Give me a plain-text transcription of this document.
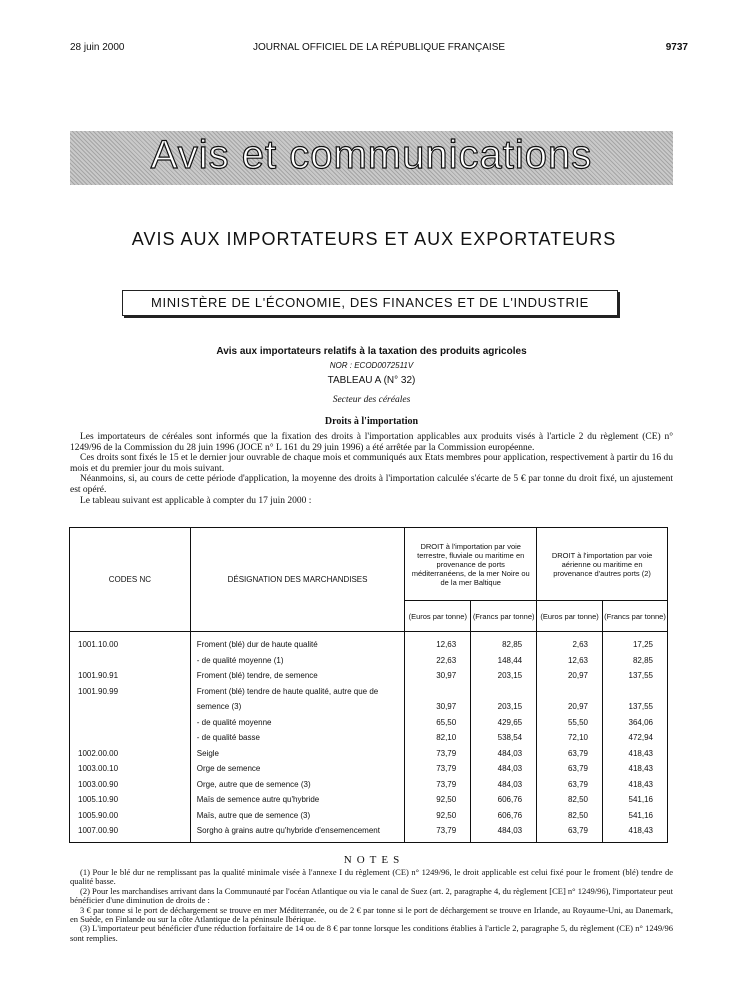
28 juin 2000	JOURNAL OFFICIEL DE LA RÉPUBLIQUE FRANÇAISE	9737
Avis et communications
AVIS AUX IMPORTATEURS ET AUX EXPORTATEURS
MINISTÈRE DE L'ÉCONOMIE, DES FINANCES ET DE L'INDUSTRIE
Avis aux importateurs relatifs à la taxation des produits agricoles
NOR : ECOD0072511V
TABLEAU A (N° 32)
Secteur des céréales
Droits à l'importation

Les importateurs de céréales sont informés que la fixation des droits à l'importation applicables aux produits visés à l'article 2 du règlement (CE) n° 1249/96 de la Commission du 28 juin 1996 (JOCE n° L 161 du 29 juin 1996) a été arrêtée par la Commission européenne.

Ces droits sont fixés le 15 et le dernier jour ouvrable de chaque mois et communiqués aux Etats membres pour application, respectivement à partir du 16 du mois et du premier jour du mois suivant.

Néanmoins, si, au cours de cette période d'application, la moyenne des droits à l'importation calculée s'écarte de 5 € par tonne du droit fixé, un ajustement est opéré.

Le tableau suivant est applicable à compter du 17 juin 2000 :

CODES NC	DÉSIGNATION DES MARCHANDISES	DROIT à l'importation par voie terrestre, fluviale ou maritime en provenance de ports méditerranéens, de la mer Noire ou de la mer Baltique		DROIT à l'importation par voie aérienne ou maritime en provenance d'autres ports (2)	
		(Euros par tonne)	(Francs par tonne)	(Euros par tonne)	(Francs par tonne)
1001.10.00	Froment (blé) dur de haute qualité	12,63	82,85	2,63	17,25
	- de qualité moyenne (1)	22,63	148,44	12,63	82,85
1001.90.91	Froment (blé) tendre, de semence	30,97	203,15	20,97	137,55
1001.90.99	Froment (blé) tendre de haute qualité, autre que de				
	semence (3)	30,97	203,15	20,97	137,55
	- de qualité moyenne	65,50	429,65	55,50	364,06
	- de qualité basse	82,10	538,54	72,10	472,94
1002.00.00	Seigle	73,79	484,03	63,79	418,43
1003.00.10	Orge de semence	73,79	484,03	63,79	418,43
1003.00.90	Orge, autre que de semence (3)	73,79	484,03	63,79	418,43
1005.10.90	Maïs de semence autre qu'hybride	92,50	606,76	82,50	541,16
1005.90.00	Maïs, autre que de semence (3)	92,50	606,76	82,50	541,16
1007.00.90	Sorgho à grains autre qu'hybride d'ensemencement	73,79	484,03	63,79	418,43
NOTES

(1) Pour le blé dur ne remplissant pas la qualité minimale visée à l'annexe I du règlement (CE) n° 1249/96, le droit applicable est celui fixé pour le froment (blé) tendre de qualité basse.

(2) Pour les marchandises arrivant dans la Communauté par l'océan Atlantique ou via le canal de Suez (art. 2, paragraphe 4, du règlement [CE] n° 1249/96), l'importateur peut bénéficier d'une diminution de droits de :

3 € par tonne si le port de déchargement se trouve en mer Méditerranée, ou de 2 € par tonne si le port de déchargement se trouve en Irlande, au Royaume-Uni, au Danemark, en Suède, en Finlande ou sur la côte Atlantique de la péninsule Ibérique.

(3) L'importateur peut bénéficier d'une réduction forfaitaire de 14 ou de 8 € par tonne lorsque les conditions établies à l'article 2, paragraphe 5, du règlement (CE) n° 1249/96 sont remplies.
